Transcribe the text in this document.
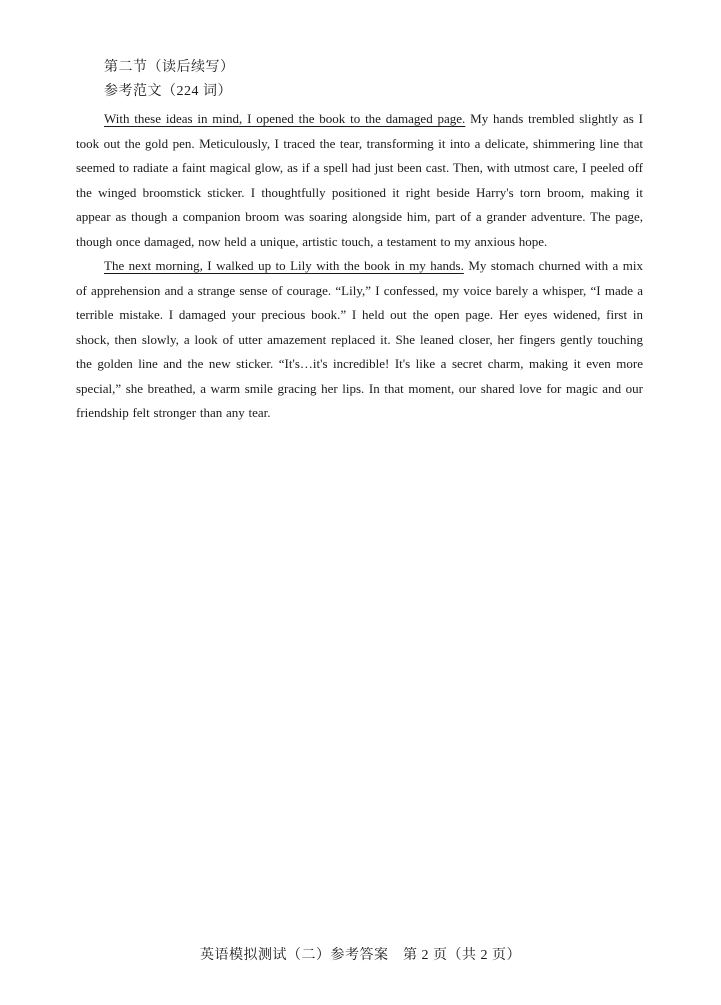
第二节（读后续写）
参考范文（224 词）

With these ideas in mind, I opened the book to the damaged page. My hands trembled slightly as I took out the gold pen. Meticulously, I traced the tear, transforming it into a delicate, shimmering line that seemed to radiate a faint magical glow, as if a spell had just been cast. Then, with utmost care, I peeled off the winged broomstick sticker. I thoughtfully positioned it right beside Harry's torn broom, making it appear as though a companion broom was soaring alongside him, part of a grander adventure. The page, though once damaged, now held a unique, artistic touch, a testament to my anxious hope.

The next morning, I walked up to Lily with the book in my hands. My stomach churned with a mix of apprehension and a strange sense of courage. “Lily,” I confessed, my voice barely a whisper, “I made a terrible mistake. I damaged your precious book.” I held out the open page. Her eyes widened, first in shock, then slowly, a look of utter amazement replaced it. She leaned closer, her fingers gently touching the golden line and the new sticker. “It's…it's incredible! It's like a secret charm, making it even more special,” she breathed, a warm smile gracing her lips. In that moment, our shared love for magic and our friendship felt stronger than any tear.

英语模拟测试（二）参考答案　第 2 页（共 2 页）
